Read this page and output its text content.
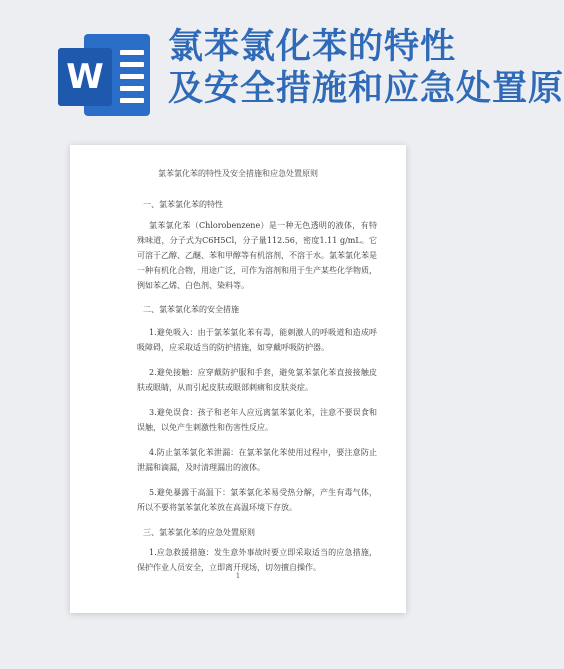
W
氯苯氯化苯的特性
及安全措施和应急处置原
氯苯氯化苯的特性及安全措施和应急处置原则
一、氯苯氯化苯的特性
氯苯氯化苯（Chlorobenzene）是一种无色透明的液体，有特殊味道，分子式为C6H5Cl，分子量112.56，密度1.11 g/mL。它可溶于乙醇、乙醚、苯和甲醇等有机溶剂，不溶于水。氯苯氯化苯是一种有机化合物，用途广泛，可作为溶剂和用于生产某些化学物质，例如苯乙烯、白色剂、染料等。
二、氯苯氯化苯的安全措施
1.避免吸入：由于氯苯氯化苯有毒，能刺激人的呼吸道和造成呼吸障碍，应采取适当的防护措施，如穿戴呼吸防护器。
2.避免接触：应穿戴防护服和手套，避免氯苯氯化苯直接接触皮肤或眼睛，从而引起皮肤或眼部刺痛和皮肤炎症。
3.避免误食：孩子和老年人应远离氯苯氯化苯，注意不要误食和误触，以免产生刺激性和伤害性反应。
4.防止氯苯氯化苯泄漏：在氯苯氯化苯使用过程中，要注意防止泄漏和滴漏，及时清理漏出的液体。
5.避免暴露于高温下：氯苯氯化苯易受热分解，产生有毒气体，所以不要将氯苯氯化苯放在高温环境下存放。
三、氯苯氯化苯的应急处置原则
1.应急救援措施：发生意外事故时要立即采取适当的应急措施，保护作业人员安全，立即离开现场，切勿擅自操作。
1
